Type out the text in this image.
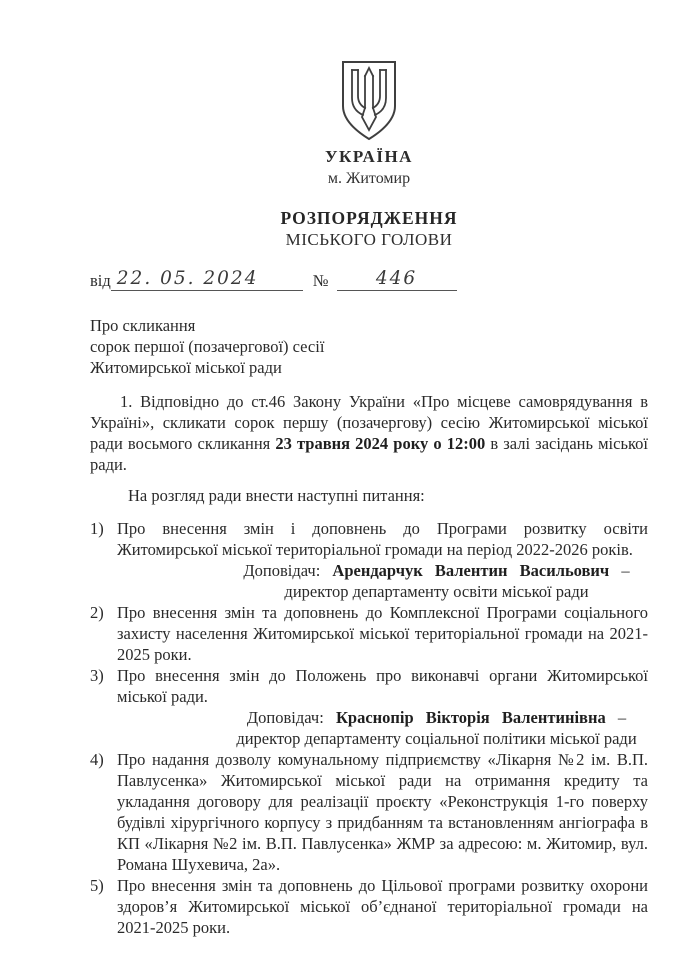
УКРАЇНА
м. Житомир
РОЗПОРЯДЖЕННЯ
МІСЬКОГО ГОЛОВИ
від 22. 05. 2024	№	446
Про скликання
сорок першої (позачергової) сесії
Житомирської міської ради
1. Відповідно до ст.46 Закону України «Про місцеве самоврядування в Україні», скликати сорок першу (позачергову) сесію Житомирської міської ради восьмого скликання 23 травня 2024 року о 12:00 в залі засідань міської ради.
На розгляд ради внести наступні питання:
1) Про внесення змін і доповнень до Програми розвитку освіти Житомирської міської територіальної громади на період 2022-2026 років.
Доповідач: Арендарчук Валентин Васильович –
директор департаменту освіти міської ради
2) Про внесення змін та доповнень до Комплексної Програми соціального захисту населення Житомирської міської територіальної громади на 2021-2025 роки.
3) Про внесення змін до Положень про виконавчі органи Житомирської міської ради.
Доповідач: Краснопір Вікторія Валентинівна –
директор департаменту соціальної політики міської ради
4) Про надання дозволу комунальному підприємству «Лікарня №2 ім. В.П. Павлусенка» Житомирської міської ради на отримання кредиту та укладання договору для реалізації проєкту «Реконструкція 1-го поверху будівлі хірургічного корпусу з придбанням та встановленням ангіографа в КП «Лікарня №2 ім. В.П. Павлусенка» ЖМР за адресою: м. Житомир, вул. Романа Шухевича, 2а».
5) Про внесення змін та доповнень до Цільової програми розвитку охорони здоров’я Житомирської міської об’єднаної територіальної громади на 2021-2025 роки.
